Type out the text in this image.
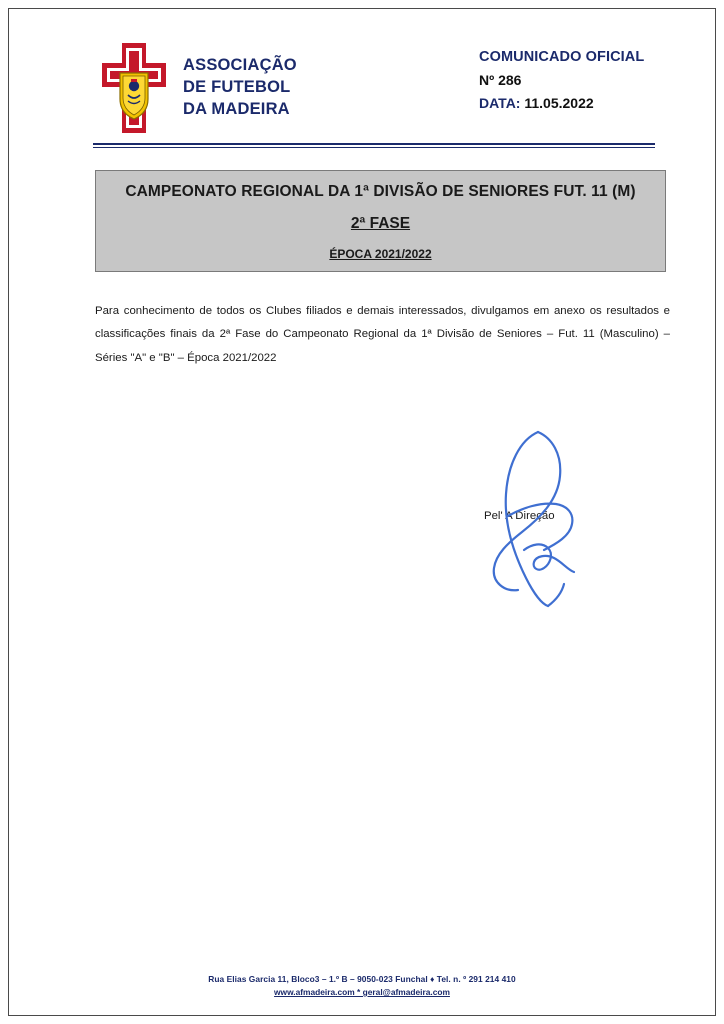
ASSOCIAÇÃO
DE FUTEBOL
DA MADEIRA
COMUNICADO OFICIAL
Nº 286
DATA: 11.05.2022
CAMPEONATO REGIONAL DA 1ª DIVISÃO DE SENIORES FUT. 11 (M)
2ª FASE
ÉPOCA 2021/2022
Para conhecimento de todos os Clubes filiados e demais interessados, divulgamos em anexo os resultados e classificações finais da 2ª Fase do Campeonato Regional da 1ª Divisão de Seniores – Fut. 11 (Masculino) – Séries "A" e "B" – Época 2021/2022
Pel' A Direção
Rua Elias Garcia 11, Bloco3 – 1.º B – 9050-023 Funchal ♦ Tel. n. º 291 214 410
www.afmadeira.com * geral@afmadeira.com
